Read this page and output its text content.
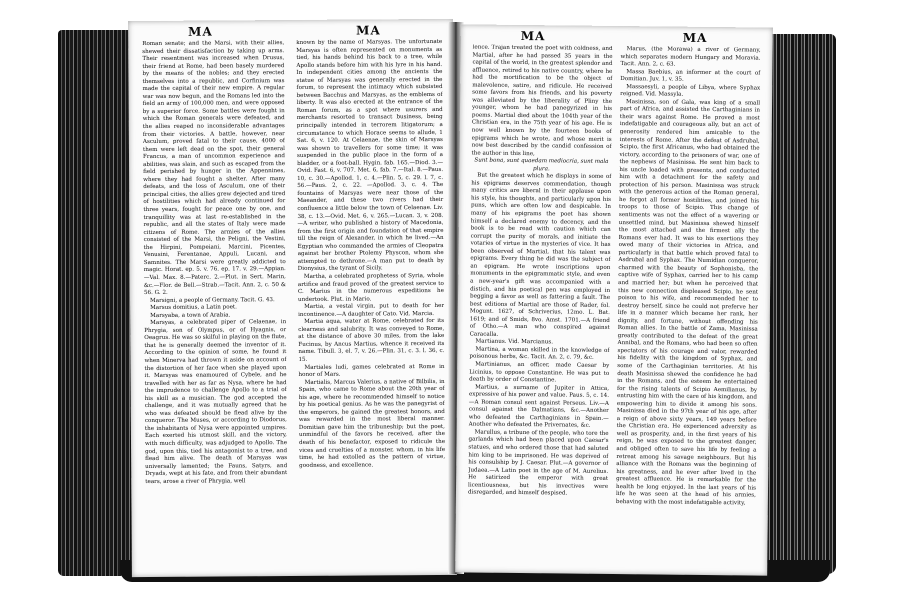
MA	MA

Roman senate; and the Marsi, with their allies, shewed their dissatisfaction by taking up arms. Their resentment was increased when Drusus, their friend at Rome, had been basely murdered by the means of the nobles; and they erected themselves into a republic, and Corfinium was made the capital of their new empire. A regular war was now begun, and the Romans led into the field an army of 100,000 men, and were opposed by a superior force. Some battles were fought in which the Roman generals were defeated, and the allies reaped no inconsiderable advantages from their victories. A battle, however, near Asculum, proved fatal to their cause, 4000 of them were left dead on the spot, their general Francus, a man of uncommon experience and abilities, was slain, and such as escaped from the field perished by hunger in the Appennines, where they had fought a shelter. After many defeats, and the loss of Asculum, one of their principal cities, the allies grew dejected and tired of hostilities which had already continued for three years, fought for peace one by one, and tranquillity was at last re-established in the republic, and all the states of Italy were made citizens of Rome. The armies of the allies consisted of the Marsi, the Peligni, the Vestini, the Hirpini, Pompeiani, Marcini, Picentes, Venusini, Ferentanae, Appuli, Lucani, and Samnites. The Marsi were greatly addicted to magic. Horat. ep. 5. v. 76. ep. 17. v. 29.—Appian.—Val. Max. 8.—Paterc. 2.—Plut. in Sert. Marin, &c.—Flor. de Bell.—Strab.—Tacit. Ann. 2, c. 50 & 56. G. 2.

Marsigni, a people of Germany. Tacit. G. 43.

Marsus domitius, a Latin poet.

Marsyaba, a town of Arabia.

Marsyas, a celebrated piper of Celaenae, in Phrygia, son of Olympus, or of Hyagnis, or Oeagrus. He was so skilful in playing on the flute, that he is generally deemed the inventor of it. According to the opinion of some, he found it when Minerva had thrown it aside on account of the distortion of her face when she played upon it. Marsyas was enamoured of Cybele, and he travelled with her as far as Nysa, where he had the imprudence to challenge Apollo to a trial of his skill as a musician. The god accepted the challenge, and it was mutually agreed that he who was defeated should be flead alive by the conqueror. The Muses, or according to Diodorus, the inhabitants of Nysa were appointed umpires. Each exerted his utmost skill, and the victory, with much difficulty, was adjudged to Apollo. The god, upon this, tied his antagonist to a tree, and flead him alive. The death of Marsyas was universally lamented; the Fauns, Satyrs, and Dryads, wept at his fate, and from their abundant tears, arose a river of Phrygia, well

known by the name of Marsyas. The unfortunate Marsyas is often represented on monuments as tied, his hands behind his back to a tree, while Apollo stands before him with his lyre in his hand. In independent cities among the ancients the statue of Marsyas was generally erected in the forum, to represent the intimacy which subsisted between Bacchus and Marsyas, as the emblems of liberty. It was also erected at the entrance of the Roman forum, as a spot where usurers and merchants resorted to transact business, being principally intended in terrorem litigatorum; a circumstance to which Horace seems to allude, 1 Sat. 6, v. 120. At Celaenae, the skin of Marsyas was shown to travellers for some time; it was suspended in the public place in the form of a bladder, or a foot-ball. Hygin. fab. 165.—Diod. 3.—Ovid. Fast. 6, v. 707. Met. 6, fab. 7.—Ital. 8.—Paus. 10, c. 30.—Apollod. 1, c. 4.—Plin. 5, c. 29. l. 7, c. 56.—Paus. 2, c. 22. —Apollod. 3, c. 4. The fountains of Marsyas were near those of the Maeander, and these two rivers had their confluence a little below the town of Celaenae. Liv. 38, c. 13.—Ovid. Met. 6, v. 265.—Lucan. 3, v. 208. —A writer, who published a history of Macedonia, from the first origin and foundation of that empire till the reign of Alexander, in which he lived.—An Egyptian who commanded the armies of Cleopatra against her brother Ptolemy Physcon, whom she attempted to dethrone.—A man put to death by Dionysius, the tyrant of Sicily.

Martha, a celebrated prophetess of Syria, whole artifice and fraud proved of the greatest service to C. Marius in the numerous expeditions he undertook. Plut. in Mario.

Martia, a vestal virgin, put to death for her incontinence.—A daughter of Cato. Vid. Marcia.

Martia aqua, water at Rome, celebrated for its clearness and salubrity. It was conveyed to Rome, at the distance of above 30 miles, from the lake Fucinus, by Ancus Martius, whence it received its name. Tibull. 3, el. 7, v. 26.—Plin. 31, c. 3. l. 36, c. 15.

Martiales ludi, games celebrated at Rome in honor of Mars.

Martialis, Marcus Valerius, a native of Bilbilis, in Spain, who came to Rome about the 20th year of his age, where he recommended himself to notice by his poetical genius. As he was the panegyrist of the emperors, he gained the greatest honors, and was rewarded in the most liberal manner. Domitian gave him the tribuneship; but the poet, unmindful of the favors he received, after the death of his benefactor, exposed to ridicule the vices and cruelties of a monster, whom, in his life time, he had extolled as the pattern of virtue, goodness, and excellence.

MA	MA

lence. Trajan treated the poet with coldness, and Martial, after he had passed 35 years in the capital of the world, in the greatest splendor and affluence, retired to his native country, where he had the mortification to be the object of malevolence, satire, and ridicule. He received some favors from his friends, and his poverty was alleviated by the liberality of Pliny the younger, whom he had panegyrized in his poems. Martial died about the 104th year of the Christian era, in the 75th year of his age. He is now well known by the fourteen books of epigrams which he wrote, and whose merit is now best described by the candid confession of the author in this line,

Sunt bona, sunt quaedam mediocria, sunt mala plura.

But the greatest which he displays in some of his epigrams deserves commendation, though many critics are liberal in their applause upon his style, his thoughts, and particularly upon his puns, which are often low and despicable. In many of his epigrams the poet has shown himself a declared enemy to decency, and the book is to be read with caution which can corrupt the purity of morals, and initiate the votaries of virtue in the mysteries of vice. It has been observed of Martial, that his talent was epigrams. Every thing he did was the subject of an epigram. He wrote inscriptions upon monuments in the epigrammatic style, and even a new-year's gift was accompanied with a distich, and his poetical pen was employed in begging a favor as well as fattering a fault. The best editions of Martial are those of Rader, fol. Mogunt. 1627, of Schriverius, 12mo. L. Bat. 1619; and of Smids, 8vo. Amst. 1701.—A friend of Otho.—A man who conspired against Caracalla.

Martianus. Vid. Marcianus.

Martina, a woman skilled in the knowledge of poisonous herbs, &c. Tacit. An. 2, c. 79, &c.

Martinianus, an officer, made Caesar by Licinius, to oppose Constantine. He was put to death by order of Constantine.

Martius, a surname of Jupiter in Attica, expressive of his power and value. Paus. 5, c. 14.—A Roman consul sent against Perseus. Liv.—A consul against the Dalmatians, &c.—Another who defeated the Carthaginians in Spain.—Another who defeated the Privernates, &c.

Marullus, a tribune of the people, who tore the garlands which had been placed upon Caesar's statues, and who ordered those that had saluted him king to be imprisoned. He was deprived of his consulship by J. Caesar. Plut.—A governor of Judaea.—A Latin poet in the age of M. Aurelius. He satirized the emperor with great licentiousness, but his invectives were disregarded, and himself despised.

Marus, (the Morawa) a river of Germany, which separates modern Hungary and Moravia. Tacit. Ann. 2, c. 63.

Massa Baebius, an informer at the court of Domitian. Juv. 1, v. 35.

Massaesyli, a people of Libya, where Syphax reigned. Vid. Massyla.

Masinissa, son of Gala, was king of a small part of Africa, and assisted the Carthaginians in their wars against Rome. He proved a most indefatigable and courageous ally, but an act of generosity rendered him amicable to the interests of Rome. After the defeat of Asdrubal, Scipio, the first Africanus, who had obtained the victory, according to the prisoners of war, one of the nephews of Masinissa. He sent him back to his uncle loaded with presents, and conducted him with a detachment for the safety and protection of his person. Masinissa was struck with the generous action of the Roman general, he forgot all former hostilities, and joined his troops to those of Scipio. This change of sentiments was not the effect of a wavering or unsettled mind, but Masinissa shewed himself the most attached and the firmest ally the Romans ever had. It was to his exertions they owed many of their victories in Africa, and particularly in that battle which proved fatal to Asdrubal and Syphax. The Numidian conqueror, charmed with the beauty of Sophonisba, the captive wife of Syphax, carried her to his camp and married her; but when he perceived that this new connection displeased Scipio, he sent poison to his wife, and recommended her to destroy herself, since he could not preferve her life in a manner which became her rank, her dignity, and fortune, without offending his Roman allies. In the battle of Zama, Masinissa greatly contributed to the defeat of the great Annibal, and the Romans, who had been so often spectators of his courage and valor, rewarded his fidelity with the kingdom of Syphax, and some of the Carthaginian territories. At his death Masinissa shewed the confidence he had in the Romans, and the esteem he entertained for the rising talents of Scipio Aemilianus, by entrusting him with the care of his kingdom, and empowering him to divide it among his sons. Masinissa died in the 97th year of his age, after a reign of above sixty years, 149 years before the Christian era. He experienced adversity as well as prosperity, and, in the first years of his reign, he was exposed to the greatest danger, and obliged often to save his life by feeling a retreat among his savage neighbours. But his alliance with the Romans was the beginning of his greatness, and he ever after lived in the greatest affluence. He is remarkable for the health he long enjoyed. In the last years of his life he was seen at the head of his armies, behaving with the most indefatigable activity,
